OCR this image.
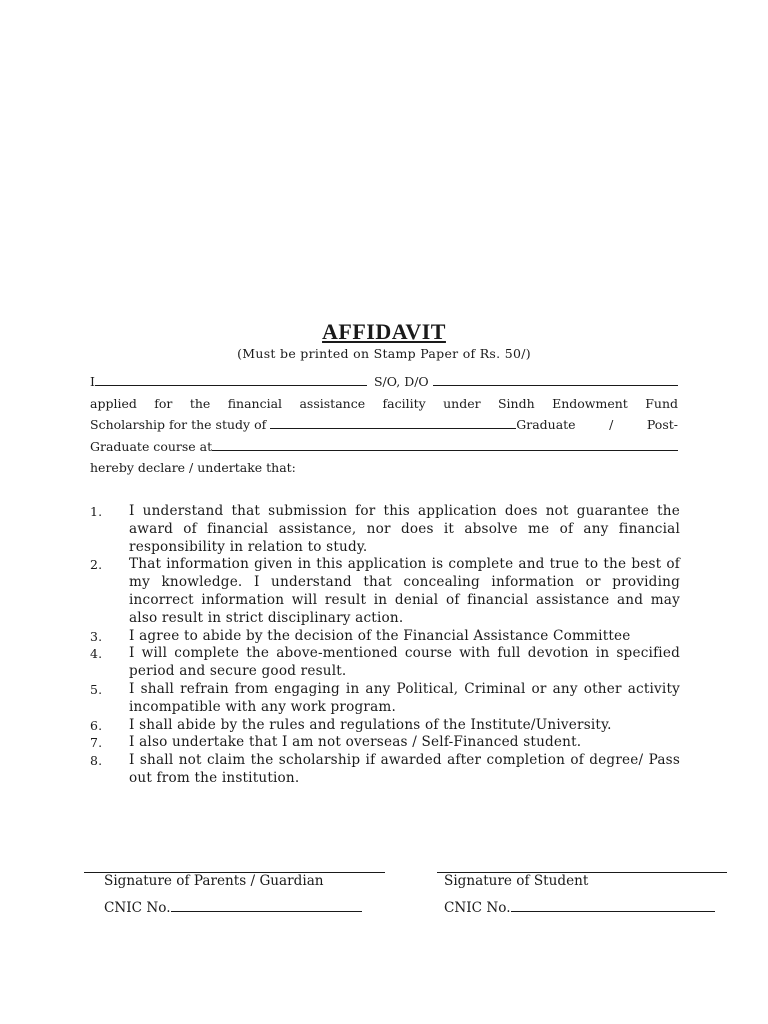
AFFIDAVIT
(Must be printed on Stamp Paper of Rs. 50/)
I	S/O, D/O
applied for the financial assistance facility under Sindh Endowment Fund
Scholarship for the study of	Graduate / Post-
Graduate course at
hereby declare / undertake that:
1.	I understand that submission for this application does not guarantee the award of financial assistance, nor does it absolve me of any financial responsibility in relation to study.
2.	That information given in this application is complete and true to the best of my knowledge. I understand that concealing information or providing incorrect information will result in denial of financial assistance and may also result in strict disciplinary action.
3.	I agree to abide by the decision of the Financial Assistance Committee
4.	I will complete the above-mentioned course with full devotion in specified period and secure good result.
5.	I shall refrain from engaging in any Political, Criminal or any other activity incompatible with any work program.
6.	I shall abide by the rules and regulations of the Institute/University.
7.	I also undertake that I am not overseas / Self-Financed student.
8.	I shall not claim the scholarship if awarded after completion of degree/ Pass out from the institution.
Signature of Parents / Guardian	Signature of Student
CNIC No.	CNIC No.
